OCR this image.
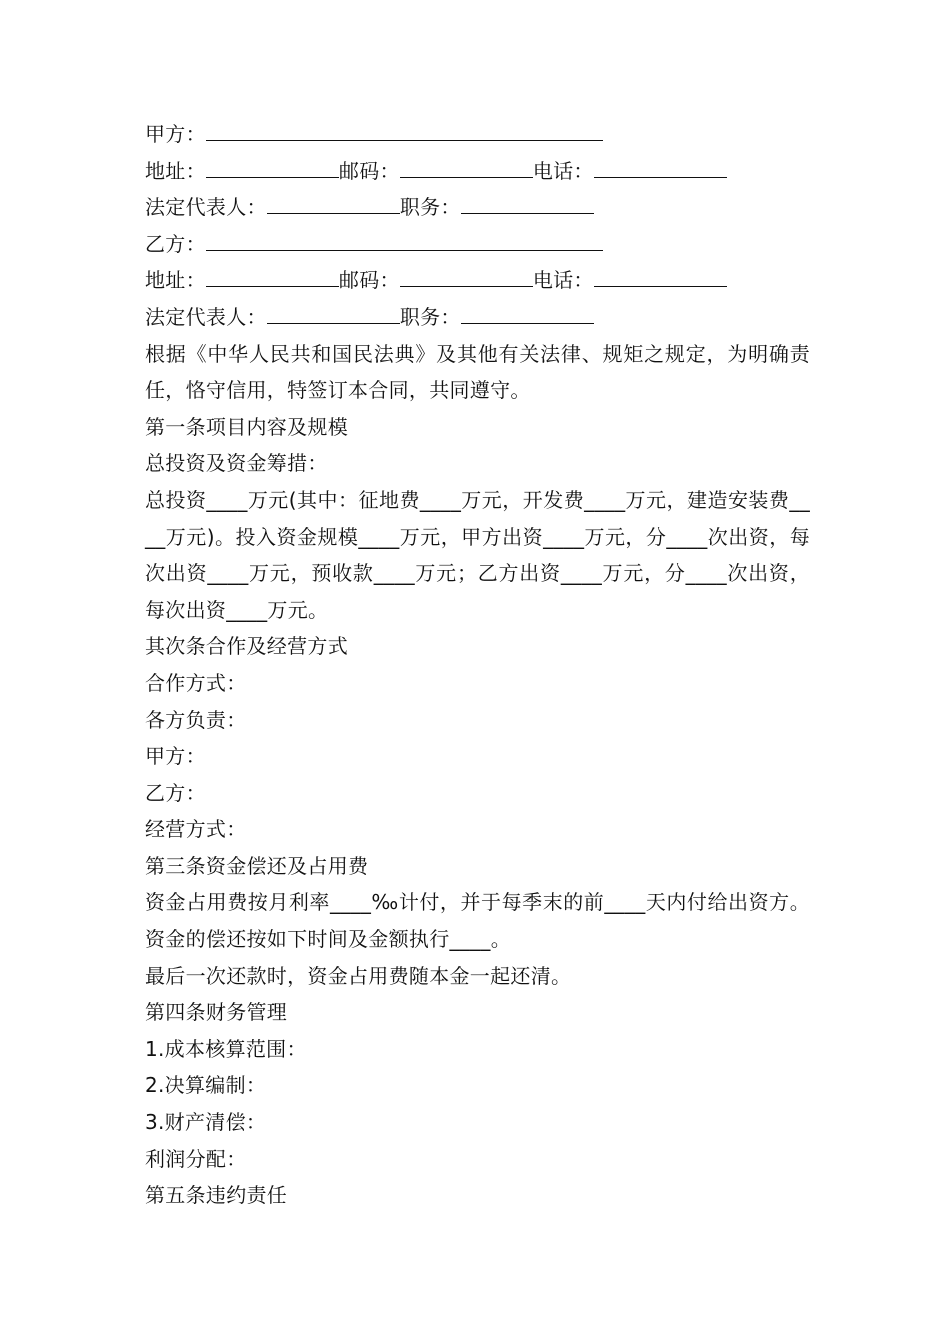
甲方：
地址：	邮码：	电话：
法定代表人：	职务：
乙方：
地址：	邮码：	电话：
法定代表人：	职务：
根据《中华人民共和国民法典》及其他有关法律、规矩之规定，为明确责任，恪守信用，特签订本合同，共同遵守。
第一条项目内容及规模
总投资及资金筹措：
总投资____万元(其中：征地费____万元，开发费____万元，建造安装费____万元)。投入资金规模____万元，甲方出资____万元，分____次出资，每次出资____万元，预收款____万元；乙方出资____万元，分____次出资，每次出资____万元。
其次条合作及经营方式
合作方式：
各方负责：
甲方：
乙方：
经营方式：
第三条资金偿还及占用费
资金占用费按月利率____‰计付，并于每季末的前____天内付给出资方。资金的偿还按如下时间及金额执行____。
最后一次还款时，资金占用费随本金一起还清。
第四条财务管理
1.成本核算范围：
2.决算编制：
3.财产清偿：
利润分配：
第五条违约责任
